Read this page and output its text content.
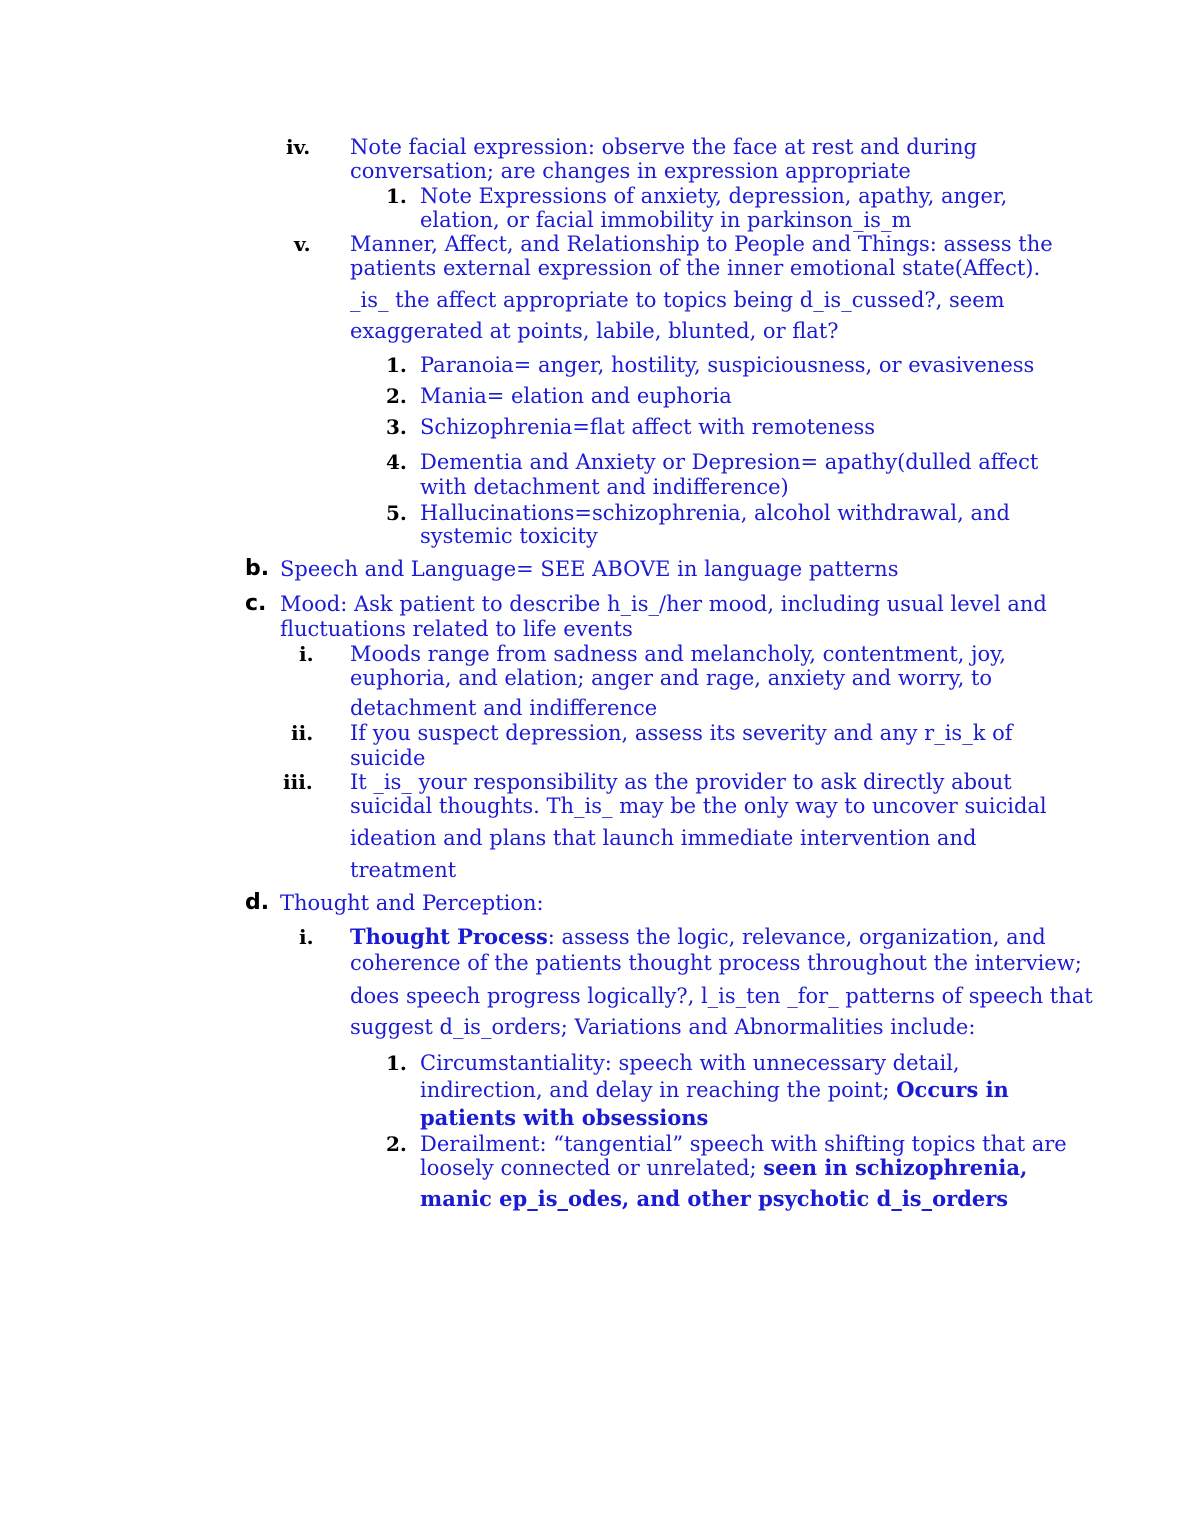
iv.

1.

v.

1.

2.

3.

4.

5.

b.

c.

i.

ii.

iii.

d.

i.

1.

2.

Note facial expression: observe the face at rest and during

conversation; are changes in expression appropriate

Note Expressions of anxiety, depression, apathy, anger,

elation, or facial immobility in parkinson_is_m

Manner, Affect, and Relationship to People and Things: assess the

patients external expression of the inner emotional state(Affect).

_is_ the affect appropriate to topics being d_is_cussed?, seem

exaggerated at points, labile, blunted, or flat?

Paranoia= anger, hostility, suspiciousness, or evasiveness

Mania= elation and euphoria

Schizophrenia=flat affect with remoteness

Dementia and Anxiety or Depresion= apathy(dulled affect

with detachment and indifference)

Hallucinations=schizophrenia, alcohol withdrawal, and

systemic toxicity

Speech and Language= SEE ABOVE in language patterns

Mood: Ask patient to describe h_is_/her mood, including usual level and

fluctuations related to life events

Moods range from sadness and melancholy, contentment, joy,

euphoria, and elation; anger and rage, anxiety and worry, to

detachment and indifference

If you suspect depression, assess its severity and any r_is_k of

suicide

It _is_ your responsibility as the provider to ask directly about

suicidal thoughts. Th_is_ may be the only way to uncover suicidal

ideation and plans that launch immediate intervention and

treatment

Thought and Perception:

Thought Process: assess the logic, relevance, organization, and

coherence of the patients thought process throughout the interview;

does speech progress logically?, l_is_ten _for_ patterns of speech that

suggest d_is_orders; Variations and Abnormalities include:

Circumstantiality: speech with unnecessary detail,

indirection, and delay in reaching the point; Occurs in

patients with obsessions

Derailment: “tangential” speech with shifting topics that are

loosely connected or unrelated; seen in schizophrenia,

manic ep_is_odes, and other psychotic d_is_orders
